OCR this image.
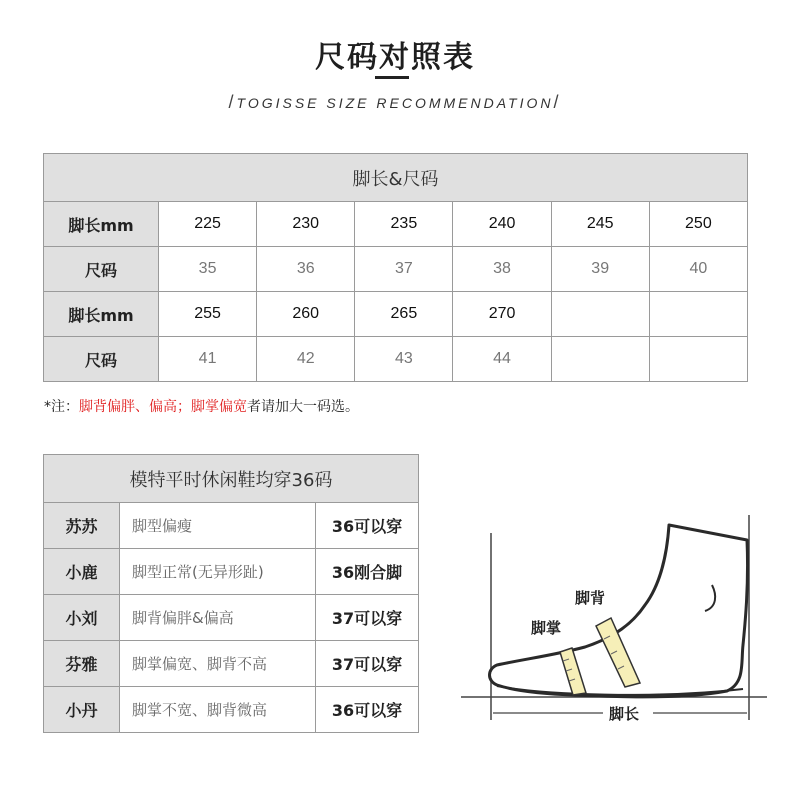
尺码对照表
/TOGISSE SIZE RECOMMENDATION/
脚长&尺码						
脚长mm	225	230	235	240	245	250
尺码	35	36	37	38	39	40
脚长mm	255	260	265	270		
尺码	41	42	43	44		
*注：脚背偏胖、偏高；脚掌偏宽者请加大一码选。
模特平时休闲鞋均穿36码		
苏苏	脚型偏瘦	36可以穿
小鹿	脚型正常(无异形趾)	36刚合脚
小刘	脚背偏胖&偏高	37可以穿
芬雅	脚掌偏宽、脚背不高	37可以穿
小丹	脚掌不宽、脚背微高	36可以穿
脚背
脚掌
脚长
